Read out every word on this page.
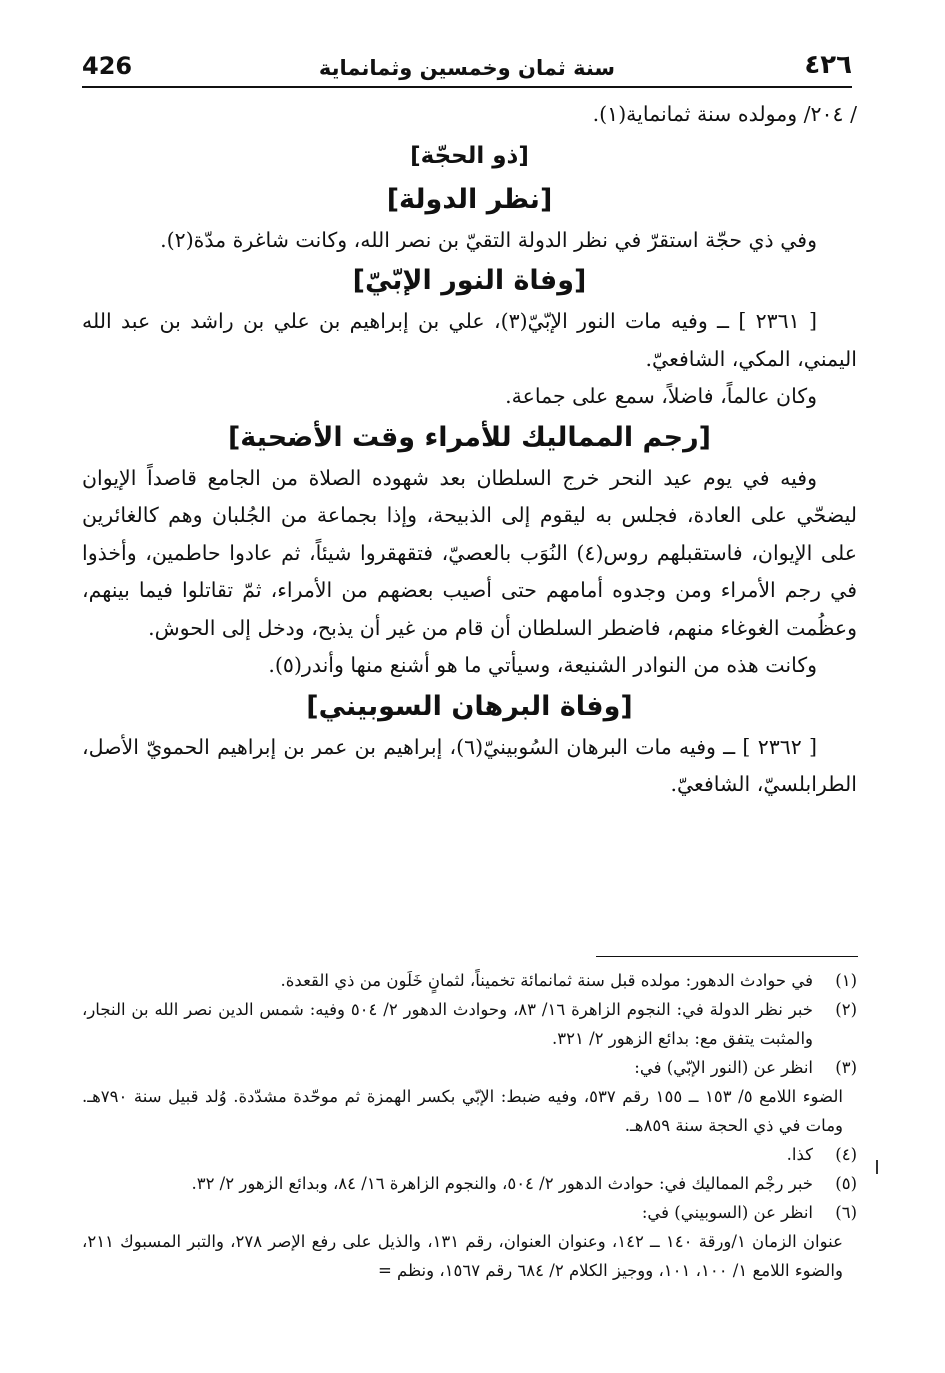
426	سنة ثمان وخمسين وثمانماية	٤٢٦

/ ٢٠٤/ ومولده سنة ثمانماية(١).

[ذو الحجّة]
[نظر الدولة]

وفي ذي حجّة استقرّ في نظر الدولة التقيّ بن نصر الله، وكانت شاغرة مدّة(٢).

[وفاة النور الإبّيّ]

[ ٢٣٦١ ] ــ وفيه مات النور الإبّيّ(٣)، علي بن إبراهيم بن علي بن راشد بن عبد الله اليمني، المكي، الشافعيّ.

وكان عالماً، فاضلاً، سمع على جماعة.

[رجم المماليك للأمراء وقت الأضحية]

وفيه في يوم عيد النحر خرج السلطان بعد شهوده الصلاة من الجامع قاصداً الإيوان ليضحّي على العادة، فجلس به ليقوم إلى الذبيحة، وإذا بجماعة من الجُلبان وهم كالغائرين على الإيوان، فاستقبلهم روس(٤) النُوَب بالعصيّ، فتقهقروا شيئاً، ثم عادوا حاطمين، وأخذوا في رجم الأمراء ومن وجدوه أمامهم حتى أصيب بعضهم من الأمراء، ثمّ تقاتلوا فيما بينهم، وعظُمت الغوغاء منهم، فاضطر السلطان أن قام من غير أن يذبح، ودخل إلى الحوش.

وكانت هذه من النوادر الشنيعة، وسيأتي ما هو أشنع منها وأندر(٥).

[وفاة البرهان السوبيني]

[ ٢٣٦٢ ] ــ وفيه مات البرهان السُوبينيّ(٦)، إبراهيم بن عمر بن إبراهيم الحمويّ الأصل، الطرابلسيّ، الشافعيّ.

(١)
في حوادث الدهور: مولده قبل سنة ثمانمائة تخميناً، لثمانٍ خَلَون من ذي القعدة.
(٢)
خبر نظر الدولة في: النجوم الزاهرة ١٦/ ٨٣، وحوادث الدهور ٢/ ٥٠٤ وفيه: شمس الدين نصر الله بن النجار، والمثبت يتفق مع: بدائع الزهور ٢/ ٣٢١.
(٣)
انظر عن (النور الإبّي) في:
الضوء اللامع ٥/ ١٥٣ ــ ١٥٥ رقم ٥٣٧، وفيه ضبط: الإبّي بكسر الهمزة ثم موحّدة مشدّدة. وُلد قبيل سنة ٧٩٠هـ. ومات في ذي الحجة سنة ٨٥٩هـ.
(٤)
كذا.
(٥)
خبر رجْم المماليك في: حوادث الدهور ٢/ ٥٠٤، والنجوم الزاهرة ١٦/ ٨٤، وبدائع الزهور ٢/ ٣٢.
(٦)
انظر عن (السوبيني) في:
عنوان الزمان ١/ورقة ١٤٠ ــ ١٤٢، وعنوان العنوان، رقم ١٣١، والذيل على رفع الإصر ٢٧٨، والتبر المسبوك ٢١١، والضوء اللامع ١/ ١٠٠، ١٠١، ووجيز الكلام ٢/ ٦٨٤ رقم ١٥٦٧، ونظم =
